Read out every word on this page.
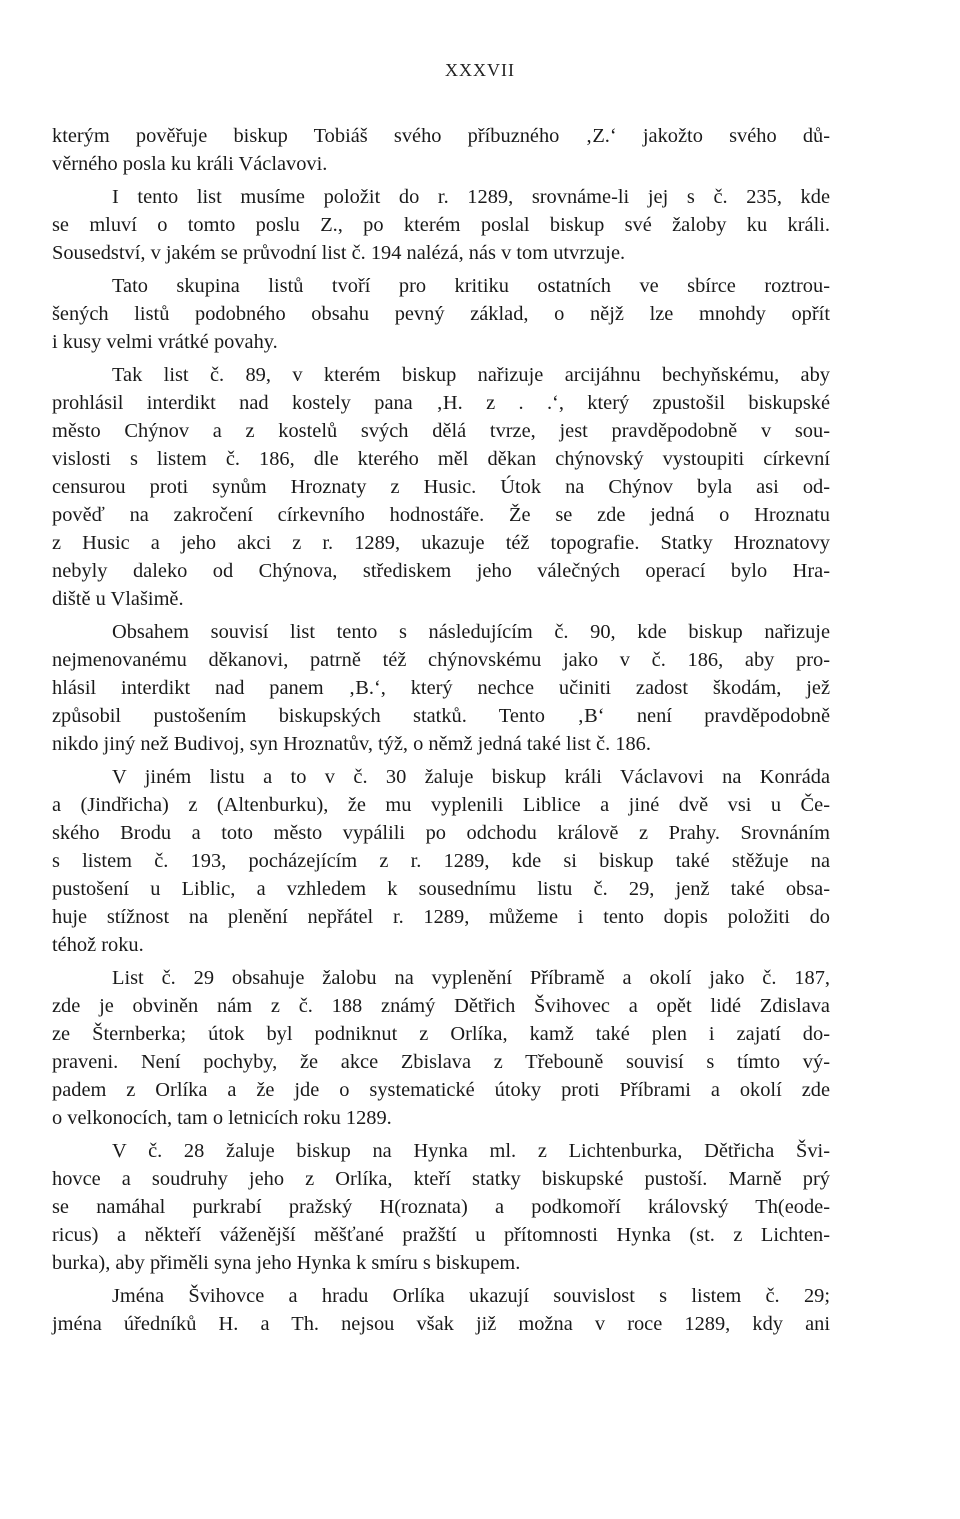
XXXVII
kterým pověřuje biskup Tobiáš svého příbuzného ‚Z.‘ jakožto svého dů-
věrného posla ku králi Václavovi.
I tento list musíme položit do r. 1289, srovnáme-li jej s č. 235, kde
se mluví o tomto poslu Z., po kterém poslal biskup své žaloby ku králi.
Sousedství, v jakém se průvodní list č. 194 nalézá, nás v tom utvrzuje.
Tato skupina listů tvoří pro kritiku ostatních ve sbírce roztrou-
šených listů podobného obsahu pevný základ, o nějž lze mnohdy opřít
i kusy velmi vrátké povahy.
Tak list č. 89, v kterém biskup nařizuje arcijáhnu bechyňskému, aby
prohlásil interdikt nad kostely pana ‚H. z . .‘, který zpustošil biskupské
město Chýnov a z kostelů svých dělá tvrze, jest pravděpodobně v sou-
vislosti s listem č. 186, dle kterého měl děkan chýnovský vystoupiti církevní
censurou proti synům Hroznaty z Husic. Útok na Chýnov byla asi od-
pověď na zakročení církevního hodnostáře. Že se zde jedná o Hroznatu
z Husic a jeho akci z r. 1289, ukazuje též topografie. Statky Hroznatovy
nebyly daleko od Chýnova, střediskem jeho válečných operací bylo Hra-
diště u Vlašimě.
Obsahem souvisí list tento s následujícím č. 90, kde biskup nařizuje
nejmenovanému děkanovi, patrně též chýnovskému jako v č. 186, aby pro-
hlásil interdikt nad panem ‚B.‘, který nechce učiniti zadost škodám, jež
způsobil pustošením biskupských statků. Tento ‚B‘ není pravděpodobně
nikdo jiný než Budivoj, syn Hroznatův, týž, o němž jedná také list č. 186.
V jiném listu a to v č. 30 žaluje biskup králi Václavovi na Konráda
a (Jindřicha) z (Altenburku), že mu vyplenili Liblice a jiné dvě vsi u Če-
ského Brodu a toto město vypálili po odchodu královĕ z Prahy. Srovnáním
s listem č. 193, pocházejícím z r. 1289, kde si biskup také stěžuje na
pustošení u Liblic, a vzhledem k sousednímu listu č. 29, jenž také obsa-
huje stížnost na plenění nepřátel r. 1289, můžeme i tento dopis položiti do
téhož roku.
List č. 29 obsahuje žalobu na vyplenění Příbramě a okolí jako č. 187,
zde je obviněn nám z č. 188 známý Dětřich Švihovec a opět lidé Zdislava
ze Šternberka; útok byl podniknut z Orlíka, kamž také plen i zajatí do-
praveni. Není pochyby, že akce Zbislava z Třebouně souvisí s tímto vý-
padem z Orlíka a že jde o systematické útoky proti Příbrami a okolí zde
o velkonocích, tam o letnicích roku 1289.
V č. 28 žaluje biskup na Hynka ml. z Lichtenburka, Dětřicha Švi-
hovce a soudruhy jeho z Orlíka, kteří statky biskupské pustoší. Marně prý
se namáhal purkrabí pražský H(roznata) a podkomoří královský Th(eode-
ricus) a někteří váženější měšťané pražští u přítomnosti Hynka (st. z Lichten-
burka), aby přiměli syna jeho Hynka k smíru s biskupem.
Jména Švihovce a hradu Orlíka ukazují souvislost s listem č. 29;
jména úředníků H. a Th. nejsou však již možna v roce 1289, kdy ani
